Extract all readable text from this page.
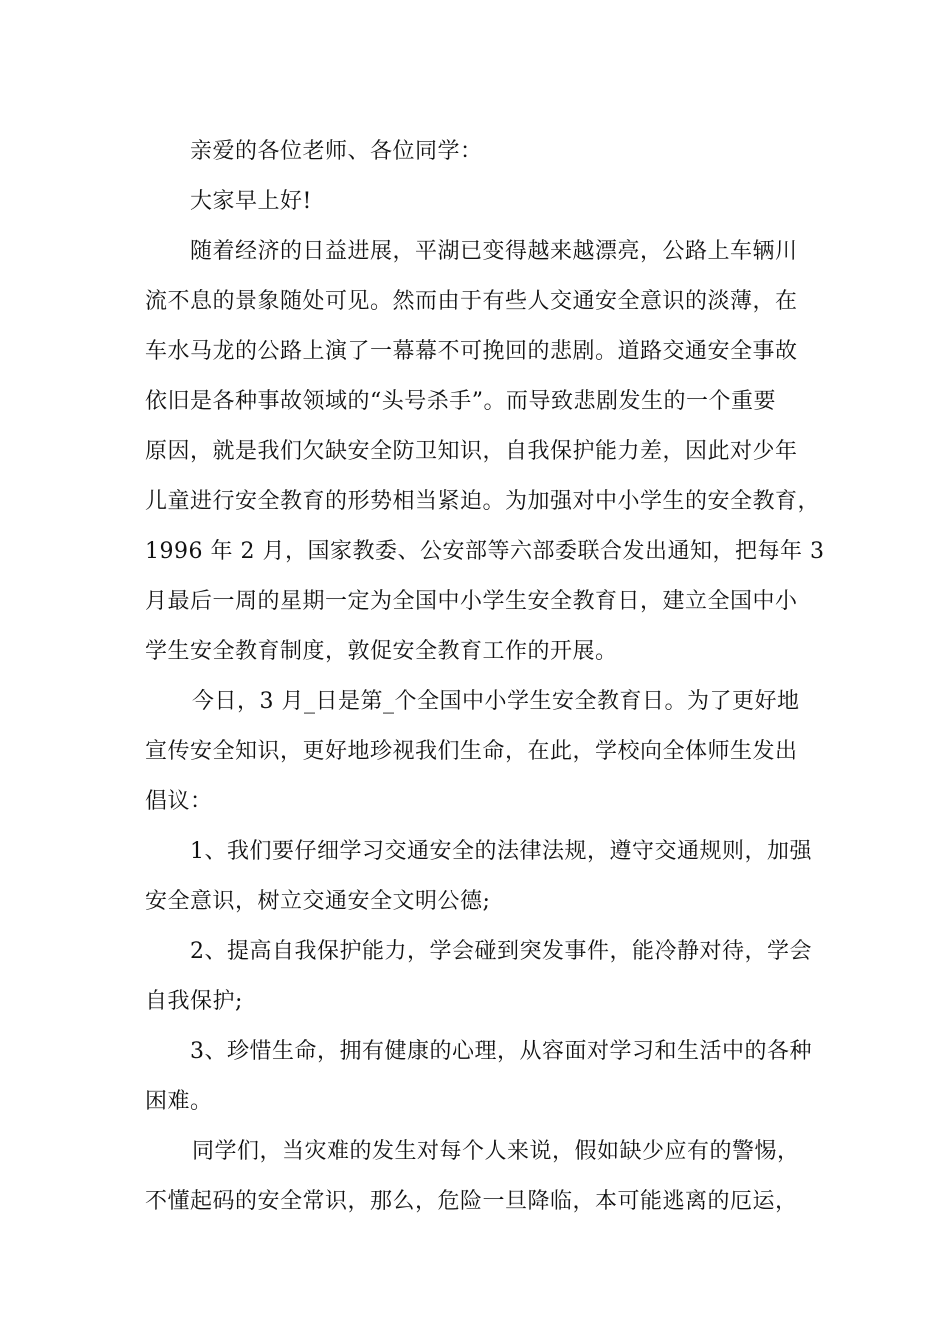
亲爱的各位老师、各位同学：
大家早上好!
随着经济的日益进展，平湖已变得越来越漂亮，公路上车辆川
流不息的景象随处可见。然而由于有些人交通安全意识的淡薄，在
车水马龙的公路上演了一幕幕不可挽回的悲剧。道路交通安全事故
依旧是各种事故领域的“头号杀手”。而导致悲剧发生的一个重要
原因，就是我们欠缺安全防卫知识，自我保护能力差，因此对少年
儿童进行安全教育的形势相当紧迫。为加强对中小学生的安全教育，
1996 年 2 月，国家教委、公安部等六部委联合发出通知，把每年 3
月最后一周的星期一定为全国中小学生安全教育日，建立全国中小
学生安全教育制度，敦促安全教育工作的开展。
今日，3 月_日是第_个全国中小学生安全教育日。为了更好地
宣传安全知识，更好地珍视我们生命，在此，学校向全体师生发出
倡议：
1、我们要仔细学习交通安全的法律法规，遵守交通规则，加强
安全意识，树立交通安全文明公德;
2、提高自我保护能力，学会碰到突发事件，能冷静对待，学会
自我保护;
3、珍惜生命，拥有健康的心理，从容面对学习和生活中的各种
困难。
同学们，当灾难的发生对每个人来说，假如缺少应有的警惕，
不懂起码的安全常识，那么，危险一旦降临，本可能逃离的厄运，
